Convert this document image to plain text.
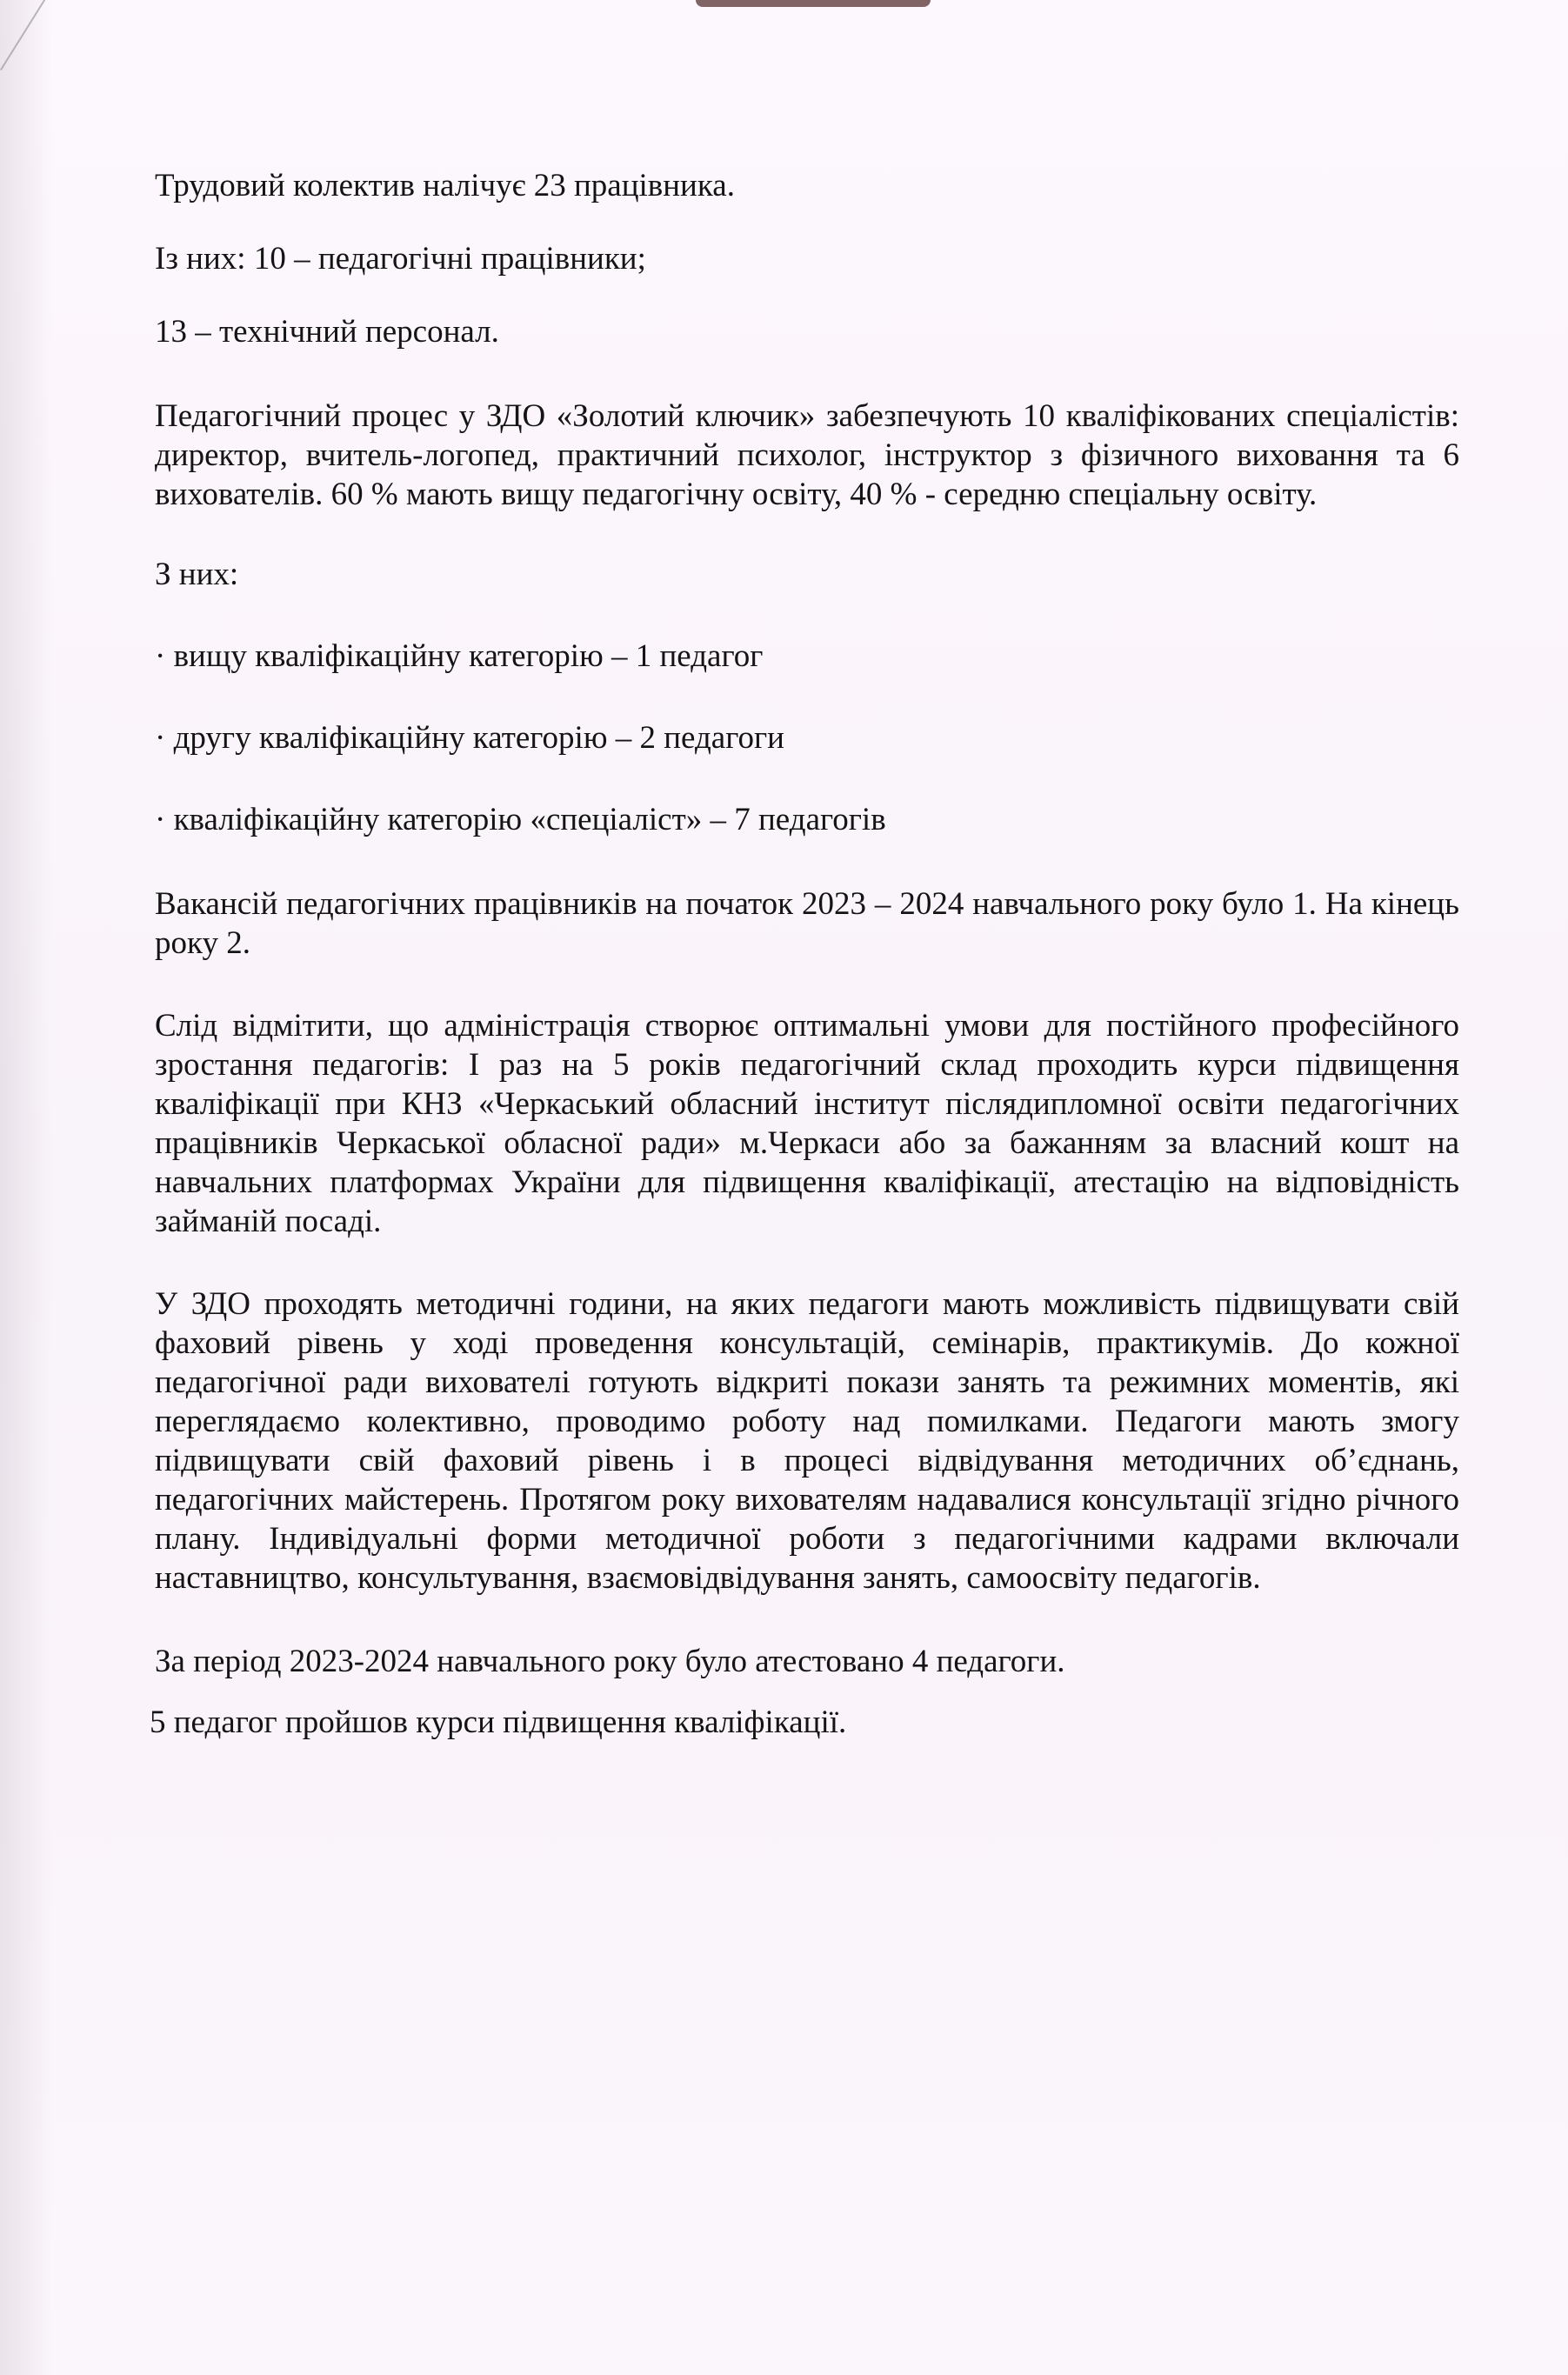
Трудовий колектив налічує 23 працівника.

Із них: 10 – педагогічні працівники;

13 – технічний персонал.

Педагогічний процес у ЗДО «Золотий ключик» забезпечують 10 кваліфікованих спеціалістів: директор, вчитель-логопед, практичний психолог, інструктор з фізичного виховання та 6 вихователів. 60 % мають вищу педагогічну освіту, 40 % - середню спеціальну освіту.

З них:

· вищу кваліфікаційну категорію – 1 педагог

· другу кваліфікаційну категорію – 2 педагоги

· кваліфікаційну категорію «спеціаліст» – 7 педагогів

Вакансій педагогічних працівників на початок 2023 – 2024 навчального року було 1. На кінець року 2.

Слід відмітити, що адміністрація створює оптимальні умови для постійного професійного зростання педагогів: І раз на 5 років педагогічний склад проходить курси підвищення кваліфікації при КНЗ «Черкаський обласний інститут післядипломної освіти педагогічних працівників Черкаської обласної ради» м.Черкаси або за бажанням за власний кошт на навчальних платформах України для підвищення кваліфікації, атестацію на відповідність займаній посаді.

У ЗДО проходять методичні години, на яких педагоги мають можливість підвищувати свій фаховий рівень у ході проведення консультацій, семінарів, практикумів. До кожної педагогічної ради вихователі готують відкриті покази занять та режимних моментів, які переглядаємо колективно, проводимо роботу над помилками. Педагоги мають змогу підвищувати свій фаховий рівень і в процесі відвідування методичних об’єднань, педагогічних майстерень. Протягом року вихователям надавалися консультації згідно річного плану. Індивідуальні форми методичної роботи з педагогічними кадрами включали наставництво, консультування, взаємовідвідування занять, самоосвіту педагогів.

За період 2023-2024 навчального року було атестовано 4 педагоги.

5 педагог пройшов курси підвищення кваліфікації.
